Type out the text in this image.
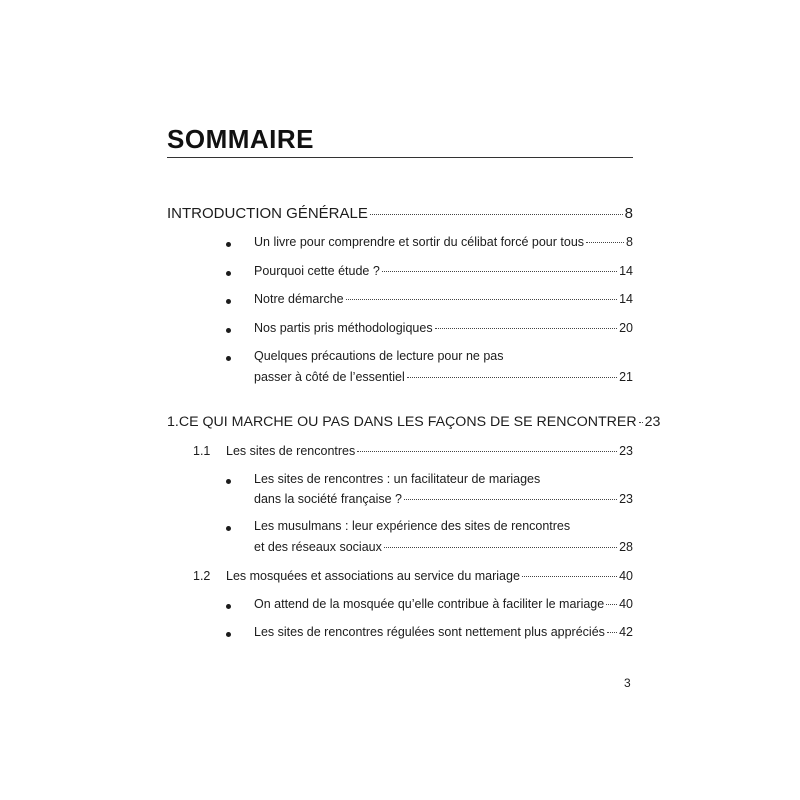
SOMMAIRE
INTRODUCTION GÉNÉRALE	8
Un livre pour comprendre et sortir du célibat forcé pour tous	8
Pourquoi cette étude ?	14
Notre démarche	14
Nos partis pris méthodologiques	20
Quelques précautions de lecture pour ne pas
passer à côté de l’essentiel	21
1. CE QUI MARCHE OU PAS DANS LES FAÇONS DE SE RENCONTRER 23
1.1	Les sites de rencontres	23
Les sites de rencontres : un facilitateur de mariages
dans la société française ?	23
Les musulmans : leur expérience des sites de rencontres
et des réseaux sociaux	28
1.2	Les mosquées et associations au service du mariage	40
On attend de la mosquée qu’elle contribue à faciliter le mariage 40
Les sites de rencontres régulées sont nettement plus appréciés 42
3
